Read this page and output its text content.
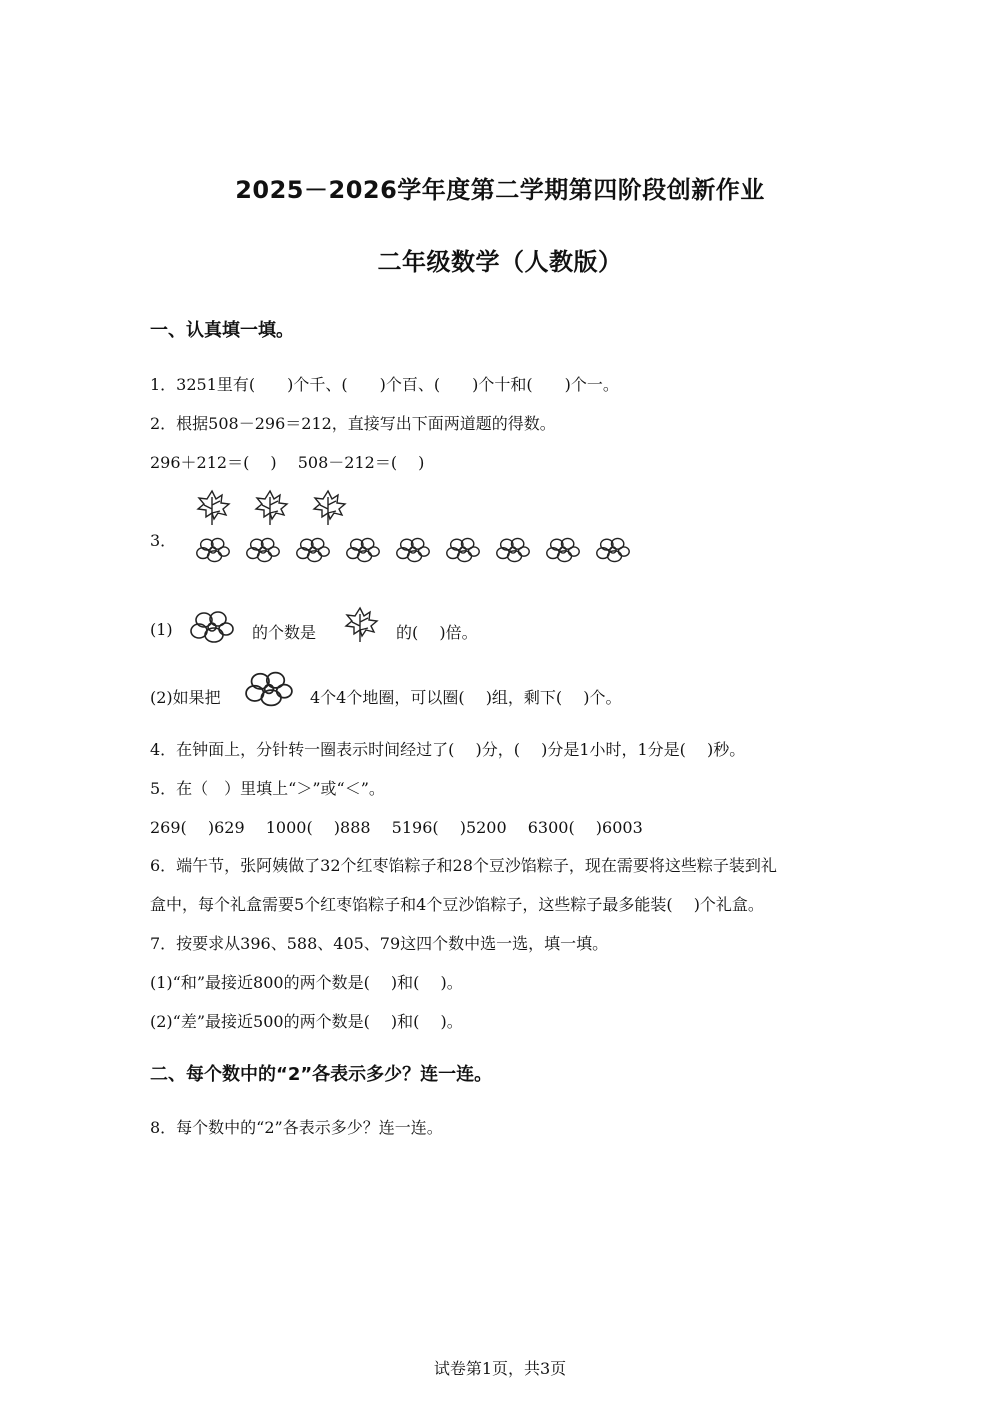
2025－2026学年度第二学期第四阶段创新作业
二年级数学（人教版）
一、认真填一填。
1．3251里有(　　)个千、(　　)个百、(　　)个十和(　　)个一。
2．根据508－296＝212，直接写出下面两道题的得数。
296＋212＝(　 )　 508－212＝(　 )
3．
(1)	的个数是	的(　 )倍。
(2)如果把	4个4个地圈，可以圈(　 )组，剩下(　 )个。
4．在钟面上，分针转一圈表示时间经过了(　 )分，(　 )分是1小时，1分是(　 )秒。
5．在（　）里填上“＞”或“＜”。
269(　 )629　 1000(　 )888　 5196(　 )5200　 6300(　 )6003
6．端午节，张阿姨做了32个红枣馅粽子和28个豆沙馅粽子，现在需要将这些粽子装到礼
盒中，每个礼盒需要5个红枣馅粽子和4个豆沙馅粽子，这些粽子最多能装(　 )个礼盒。
7．按要求从396、588、405、79这四个数中选一选，填一填。
(1)“和”最接近800的两个数是(　 )和(　 )。
(2)“差”最接近500的两个数是(　 )和(　 )。
二、每个数中的“2”各表示多少？连一连。
8．每个数中的“2”各表示多少？连一连。
试卷第1页，共3页
